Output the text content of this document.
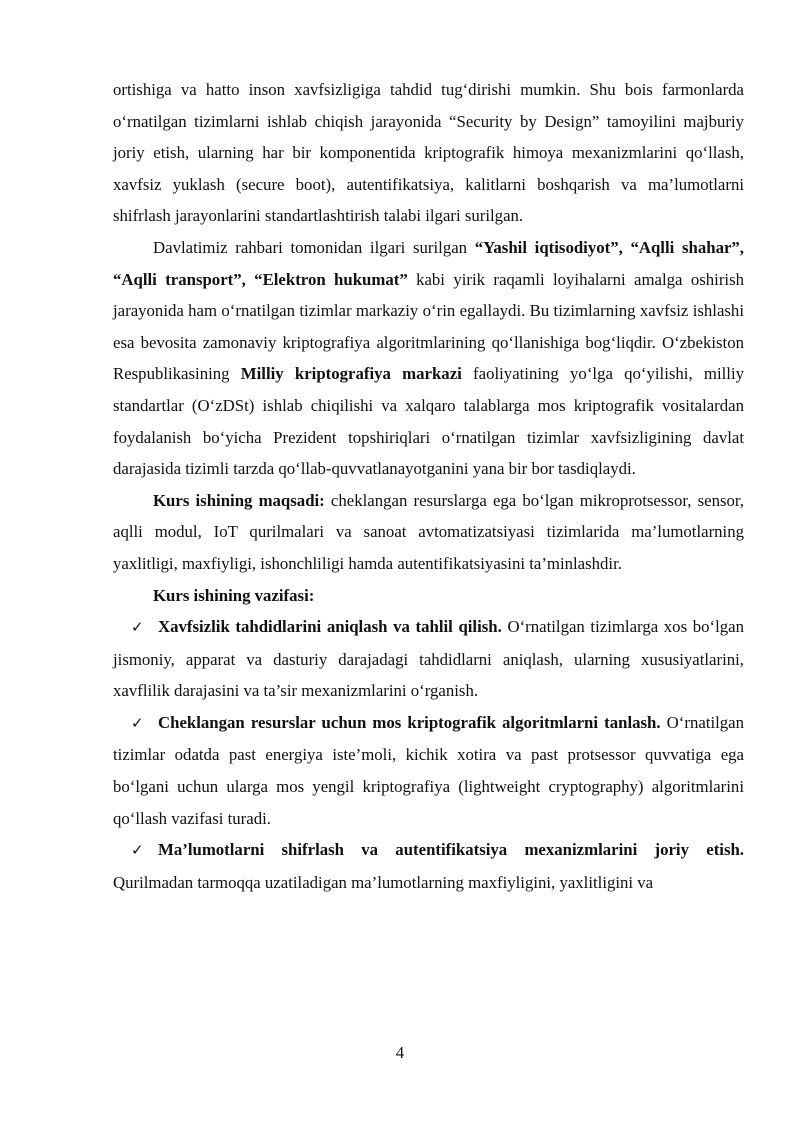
ortishiga va hatto inson xavfsizligiga tahdid tug‘dirishi mumkin. Shu bois farmonlarda o‘rnatilgan tizimlarni ishlab chiqish jarayonida “Security by Design” tamoyilini majburiy joriy etish, ularning har bir komponentida kriptografik himoya mexanizmlarini qo‘llash, xavfsiz yuklash (secure boot), autentifikatsiya, kalitlarni boshqarish va ma’lumotlarni shifrlash jarayonlarini standartlashtirish talabi ilgari surilgan.

Davlatimiz rahbari tomonidan ilgari surilgan “Yashil iqtisodiyot”, “Aqlli shahar”, “Aqlli transport”, “Elektron hukumat” kabi yirik raqamli loyihalarni amalga oshirish jarayonida ham o‘rnatilgan tizimlar markaziy o‘rin egallaydi. Bu tizimlarning xavfsiz ishlashi esa bevosita zamonaviy kriptografiya algoritmlarining qo‘llanishiga bog‘liqdir. O‘zbekiston Respublikasining Milliy kriptografiya markazi faoliyatining yo‘lga qo‘yilishi, milliy standartlar (O‘zDSt) ishlab chiqilishi va xalqaro talablarga mos kriptografik vositalardan foydalanish bo‘yicha Prezident topshiriqlari o‘rnatilgan tizimlar xavfsizligining davlat darajasida tizimli tarzda qo‘llab-quvvatlanayotganini yana bir bor tasdiqlaydi.

Kurs ishining maqsadi: cheklangan resurslarga ega bo‘lgan mikroprotsessor, sensor, aqlli modul, IoT qurilmalari va sanoat avtomatizatsiyasi tizimlarida ma’lumotlarning yaxlitligi, maxfiyligi, ishonchliligi hamda autentifikatsiyasini ta’minlashdir.

Kurs ishining vazifasi:

✓ Xavfsizlik tahdidlarini aniqlash va tahlil qilish. O‘rnatilgan tizimlarga xos bo‘lgan jismoniy, apparat va dasturiy darajadagi tahdidlarni aniqlash, ularning xususiyatlarini, xavflilik darajasini va ta’sir mexanizmlarini o‘rganish.

✓ Cheklangan resurslar uchun mos kriptografik algoritmlarni tanlash. O‘rnatilgan tizimlar odatda past energiya iste’moli, kichik xotira va past protsessor quvvatiga ega bo‘lgani uchun ularga mos yengil kriptografiya (lightweight cryptography) algoritmlarini qo‘llash vazifasi turadi.

✓ Ma’lumotlarni shifrlash va autentifikatsiya mexanizmlarini joriy etish. Qurilmadan tarmoqqa uzatiladigan ma’lumotlarning maxfiyligini, yaxlitligini va

4
